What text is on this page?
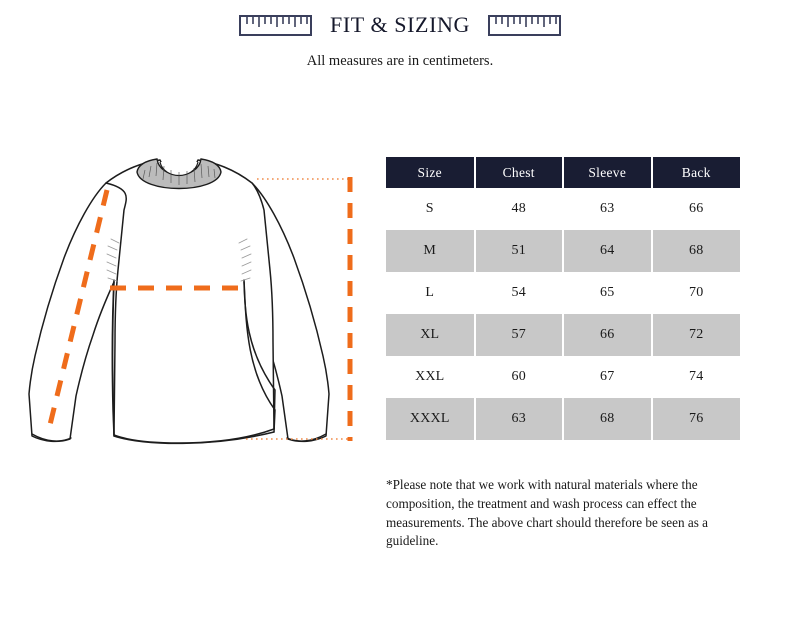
FIT & SIZING
All measures are in centimeters.
Size	Chest	Sleeve	Back
S	48	63	66
M	51	64	68
L	54	65	70
XL	57	66	72
XXL	60	67	74
XXXL	63	68	76

*Please note that we work with natural materials where the composition, the treatment and wash process can effect the measurements. The above chart should therefore be seen as a guideline.
